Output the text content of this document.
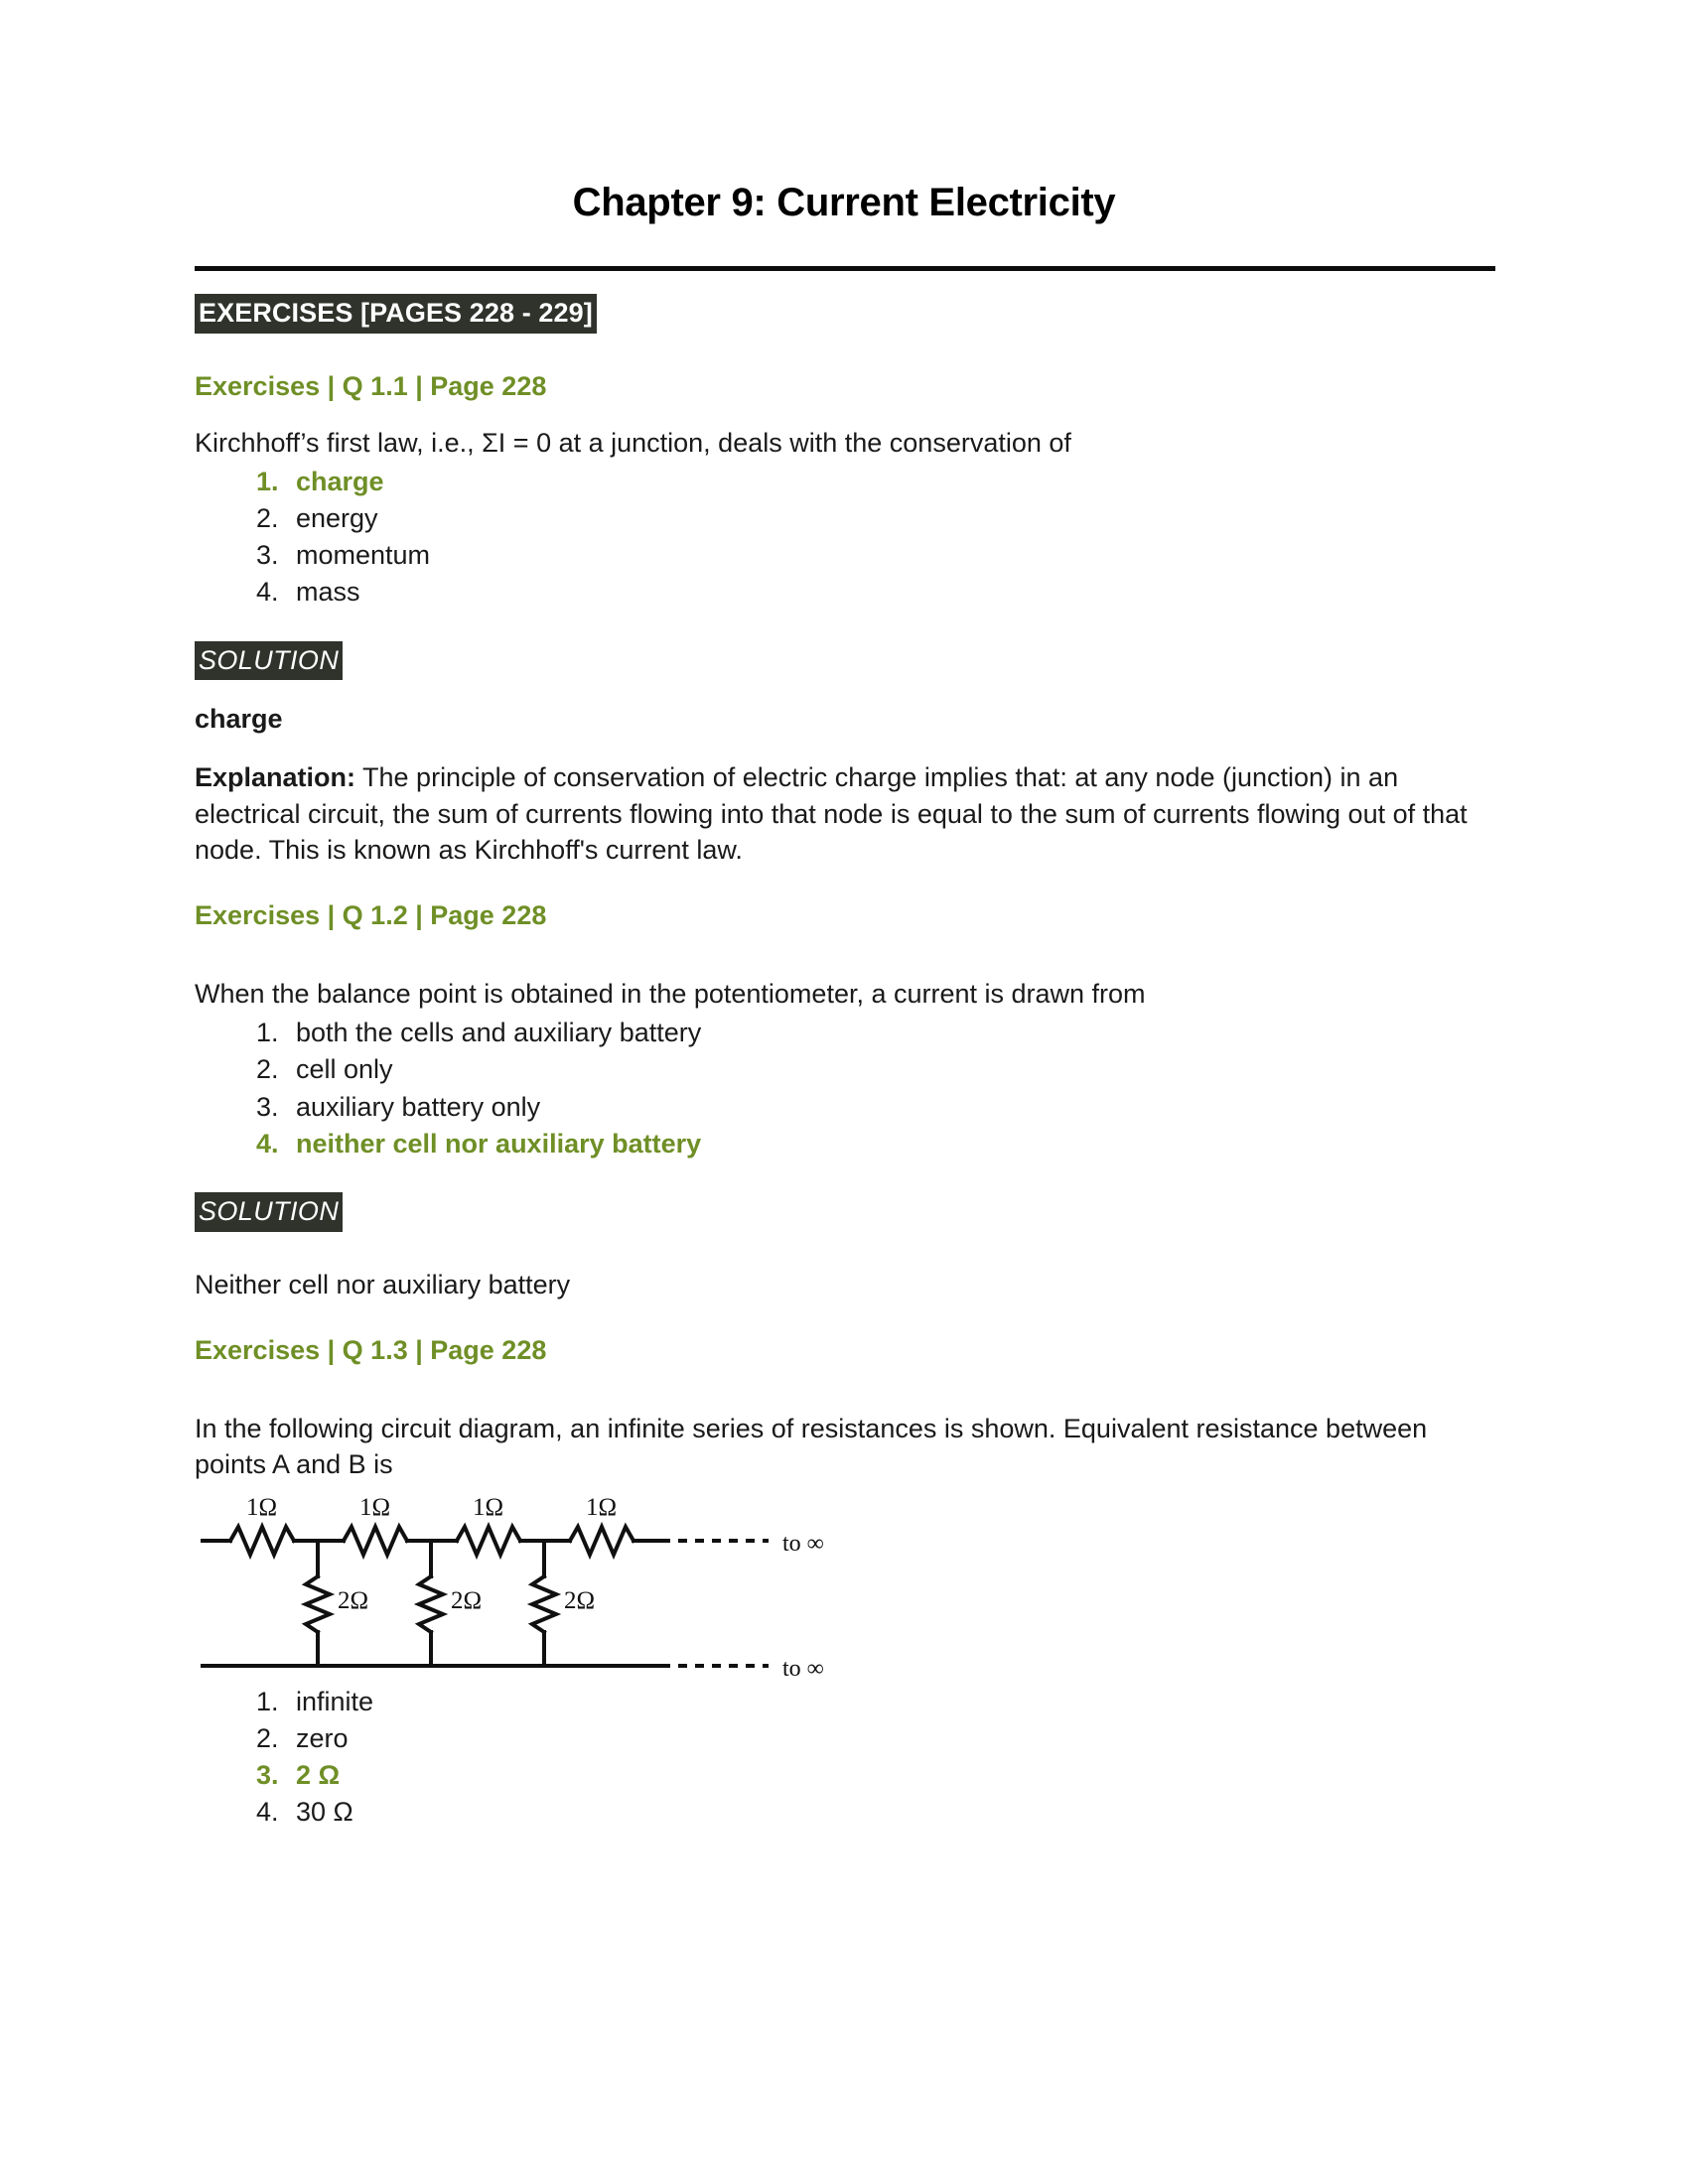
Chapter 9: Current Electricity
EXERCISES [PAGES 228 - 229]
Exercises | Q 1.1 | Page 228
Kirchhoff’s first law, i.e., ΣI = 0 at a junction, deals with the conservation of
1. charge
2. energy
3. momentum
4. mass
SOLUTION
charge
Explanation: The principle of conservation of electric charge implies that: at any node (junction) in an electrical circuit, the sum of currents flowing into that node is equal to the sum of currents flowing out of that node. This is known as Kirchhoff's current law.
Exercises | Q 1.2 | Page 228
When the balance point is obtained in the potentiometer, a current is drawn from
1. both the cells and auxiliary battery
2. cell only
3. auxiliary battery only
4. neither cell nor auxiliary battery
SOLUTION
Neither cell nor auxiliary battery
Exercises | Q 1.3 | Page 228
In the following circuit diagram, an infinite series of resistances is shown. Equivalent resistance between points A and B is
1Ω	1Ω	1Ω	1Ω
2Ω	2Ω	2Ω
to ∞
to ∞
1. infinite
2. zero
3. 2 Ω
4. 30 Ω
